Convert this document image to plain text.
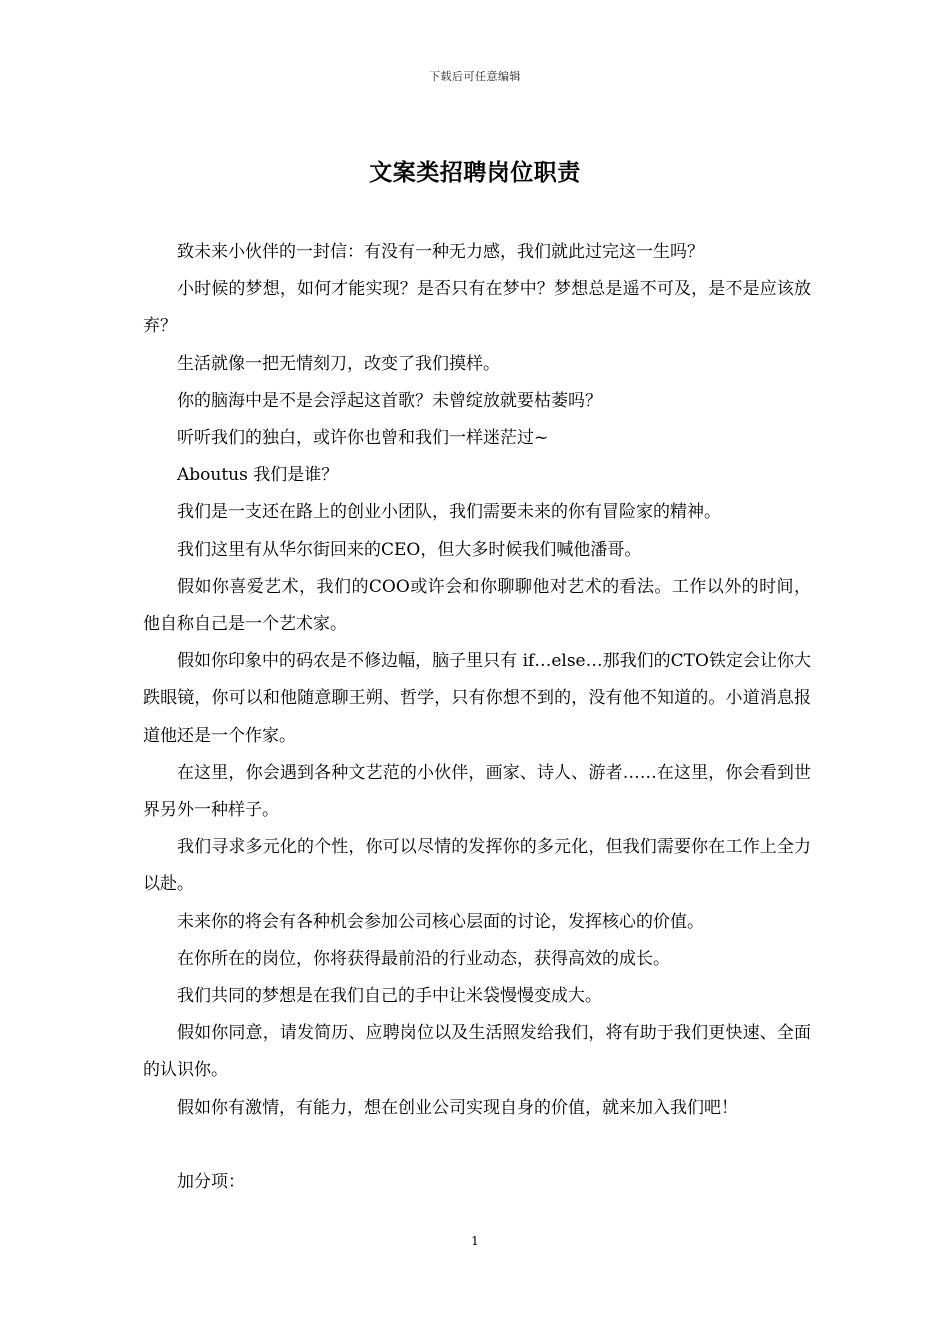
下载后可任意编辑
文案类招聘岗位职责

致未来小伙伴的一封信：有没有一种无力感，我们就此过完这一生吗？

小时候的梦想，如何才能实现？是否只有在梦中？梦想总是遥不可及，是不是应该放弃？

生活就像一把无情刻刀，改变了我们摸样。

你的脑海中是不是会浮起这首歌？未曾绽放就要枯萎吗？

听听我们的独白，或许你也曾和我们一样迷茫过~

Aboutus 我们是谁？

我们是一支还在路上的创业小团队，我们需要未来的你有冒险家的精神。

我们这里有从华尔街回来的CEO，但大多时候我们喊他潘哥。

假如你喜爱艺术，我们的COO或许会和你聊聊他对艺术的看法。工作以外的时间，他自称自己是一个艺术家。

假如你印象中的码农是不修边幅，脑子里只有 if…else…那我们的CTO铁定会让你大跌眼镜，你可以和他随意聊王朔、哲学，只有你想不到的，没有他不知道的。小道消息报道他还是一个作家。

在这里，你会遇到各种文艺范的小伙伴，画家、诗人、游者……在这里，你会看到世界另外一种样子。

我们寻求多元化的个性，你可以尽情的发挥你的多元化，但我们需要你在工作上全力以赴。

未来你的将会有各种机会参加公司核心层面的讨论，发挥核心的价值。

在你所在的岗位，你将获得最前沿的行业动态，获得高效的成长。

我们共同的梦想是在我们自己的手中让米袋慢慢变成大。

假如你同意，请发简历、应聘岗位以及生活照发给我们，将有助于我们更快速、全面的认识你。

假如你有激情，有能力，想在创业公司实现自身的价值，就来加入我们吧！

加分项：

1
